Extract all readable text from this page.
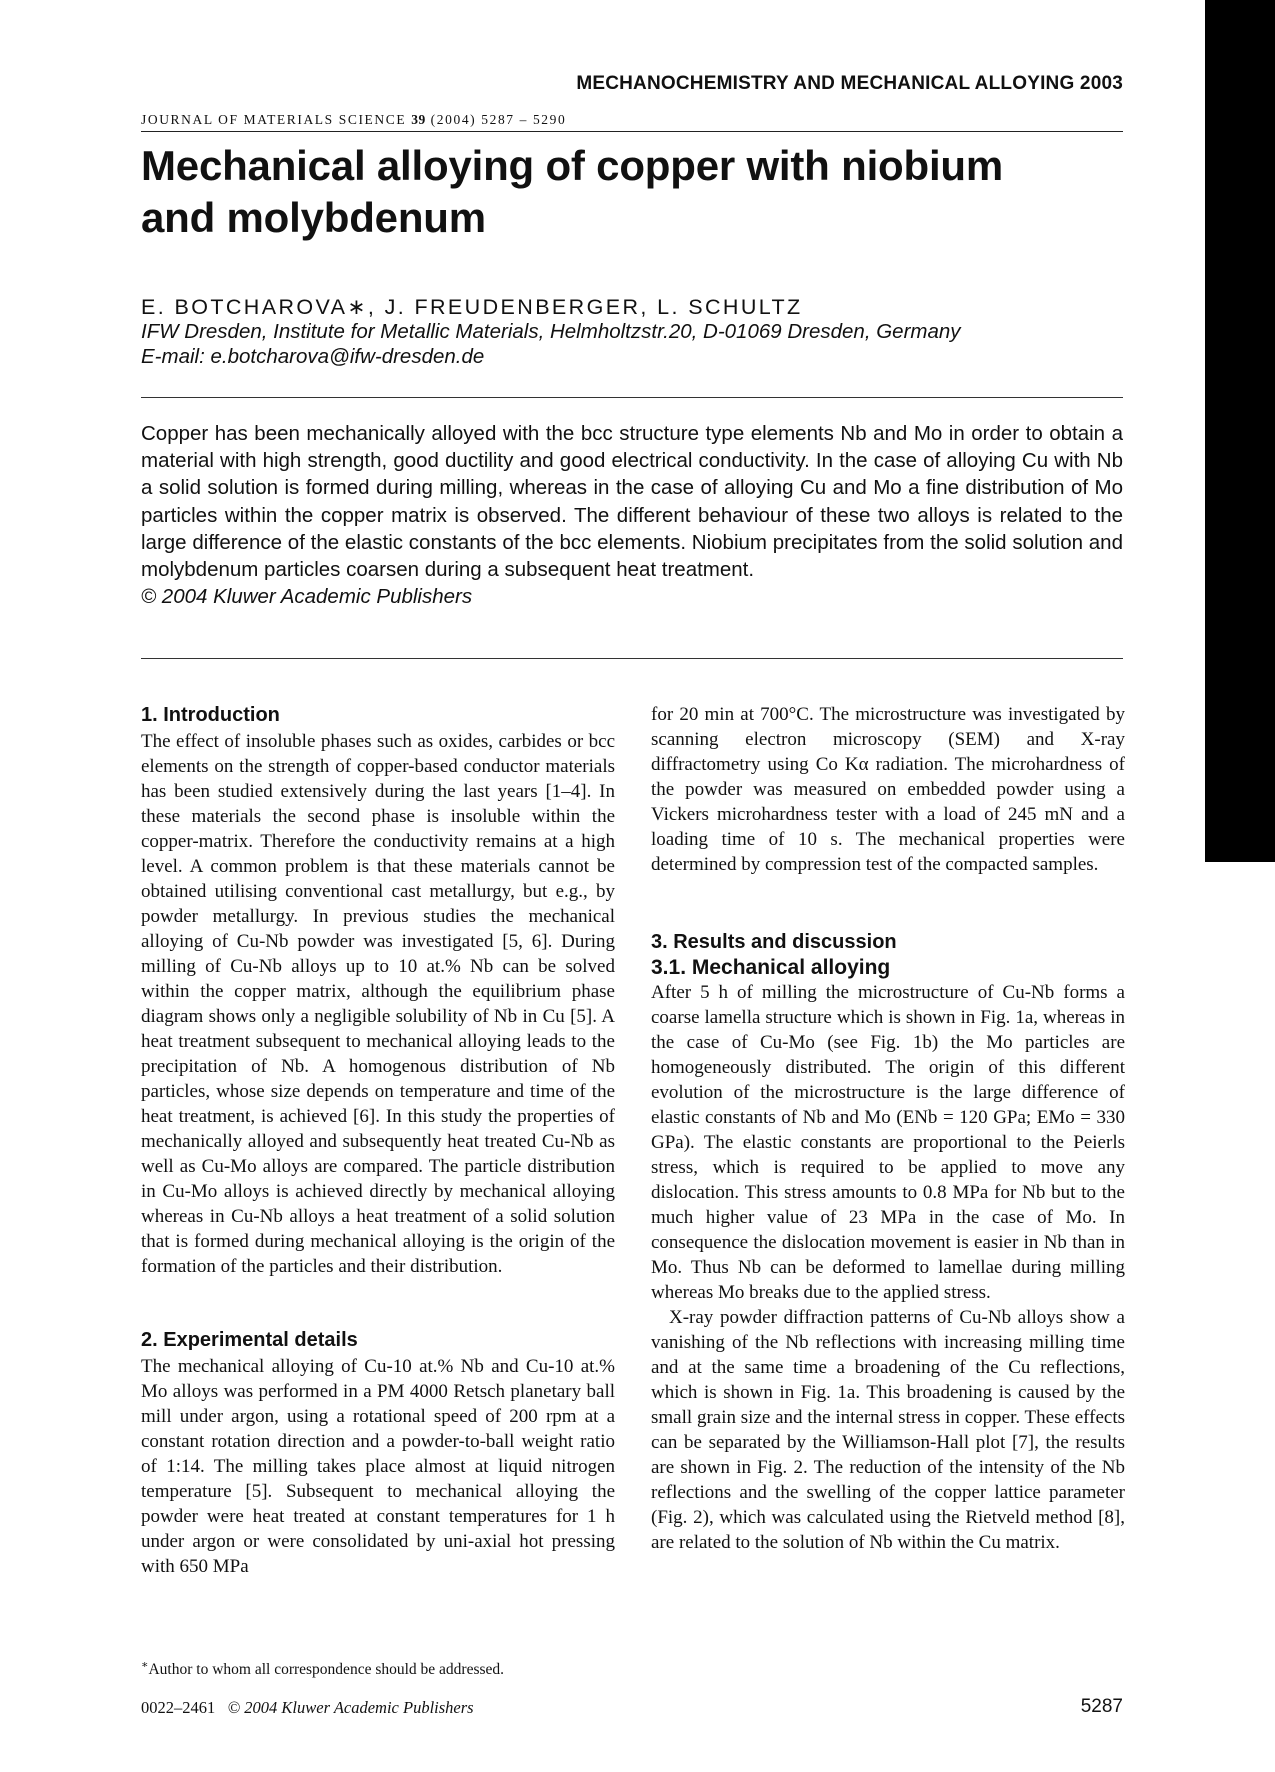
MECHANOCHEMISTRY AND MECHANICAL ALLOYING 2003
JOURNAL OF MATERIALS SCIENCE 39 (2004) 5287 – 5290
Mechanical alloying of copper with niobium and molybdenum
E. BOTCHAROVA∗, J. FREUDENBERGER, L. SCHULTZ
IFW Dresden, Institute for Metallic Materials, Helmholtzstr.20, D-01069 Dresden, Germany
E-mail: e.botcharova@ifw-dresden.de

Copper has been mechanically alloyed with the bcc structure type elements Nb and Mo in order to obtain a material with high strength, good ductility and good electrical conductivity. In the case of alloying Cu with Nb a solid solution is formed during milling, whereas in the case of alloying Cu and Mo a fine distribution of Mo particles within the copper matrix is observed. The different behaviour of these two alloys is related to the large difference of the elastic constants of the bcc elements. Niobium precipitates from the solid solution and molybdenum particles coarsen during a subsequent heat treatment.

© 2004 Kluwer Academic Publishers

1. Introduction

The effect of insoluble phases such as oxides, carbides or bcc elements on the strength of copper-based conductor materials has been studied extensively during the last years [1–4]. In these materials the second phase is insoluble within the copper-matrix. Therefore the conductivity remains at a high level. A common problem is that these materials cannot be obtained utilising conventional cast metallurgy, but e.g., by powder metallurgy. In previous studies the mechanical alloying of Cu-Nb powder was investigated [5, 6]. During milling of Cu-Nb alloys up to 10 at.% Nb can be solved within the copper matrix, although the equilibrium phase diagram shows only a negligible solubility of Nb in Cu [5]. A heat treatment subsequent to mechanical alloying leads to the precipitation of Nb. A homogenous distribution of Nb particles, whose size depends on temperature and time of the heat treatment, is achieved [6]. In this study the properties of mechanically alloyed and subsequently heat treated Cu-Nb as well as Cu-Mo alloys are compared. The particle distribution in Cu-Mo alloys is achieved directly by mechanical alloying whereas in Cu-Nb alloys a heat treatment of a solid solution that is formed during mechanical alloying is the origin of the formation of the particles and their distribution.

2. Experimental details

The mechanical alloying of Cu-10 at.% Nb and Cu-10 at.% Mo alloys was performed in a PM 4000 Retsch planetary ball mill under argon, using a rotational speed of 200 rpm at a constant rotation direction and a powder-to-ball weight ratio of 1:14. The milling takes place almost at liquid nitrogen temperature [5]. Subsequent to mechanical alloying the powder were heat treated at constant temperatures for 1 h under argon or were consolidated by uni-axial hot pressing with 650 MPa

for 20 min at 700°C. The microstructure was investigated by scanning electron microscopy (SEM) and X-ray diffractometry using Co Kα radiation. The microhardness of the powder was measured on embedded powder using a Vickers microhardness tester with a load of 245 mN and a loading time of 10 s. The mechanical properties were determined by compression test of the compacted samples.

3. Results and discussion
3.1. Mechanical alloying

After 5 h of milling the microstructure of Cu-Nb forms a coarse lamella structure which is shown in Fig. 1a, whereas in the case of Cu-Mo (see Fig. 1b) the Mo particles are homogeneously distributed. The origin of this different evolution of the microstructure is the large difference of elastic constants of Nb and Mo (ENb = 120 GPa; EMo = 330 GPa). The elastic constants are proportional to the Peierls stress, which is required to be applied to move any dislocation. This stress amounts to 0.8 MPa for Nb but to the much higher value of 23 MPa in the case of Mo. In consequence the dislocation movement is easier in Nb than in Mo. Thus Nb can be deformed to lamellae during milling whereas Mo breaks due to the applied stress.

X-ray powder diffraction patterns of Cu-Nb alloys show a vanishing of the Nb reflections with increasing milling time and at the same time a broadening of the Cu reflections, which is shown in Fig. 1a. This broadening is caused by the small grain size and the internal stress in copper. These effects can be separated by the Williamson-Hall plot [7], the results are shown in Fig. 2. The reduction of the intensity of the Nb reflections and the swelling of the copper lattice parameter (Fig. 2), which was calculated using the Rietveld method [8], are related to the solution of Nb within the Cu matrix.

∗Author to whom all correspondence should be addressed.
0022–2461 © 2004 Kluwer Academic Publishers	5287
